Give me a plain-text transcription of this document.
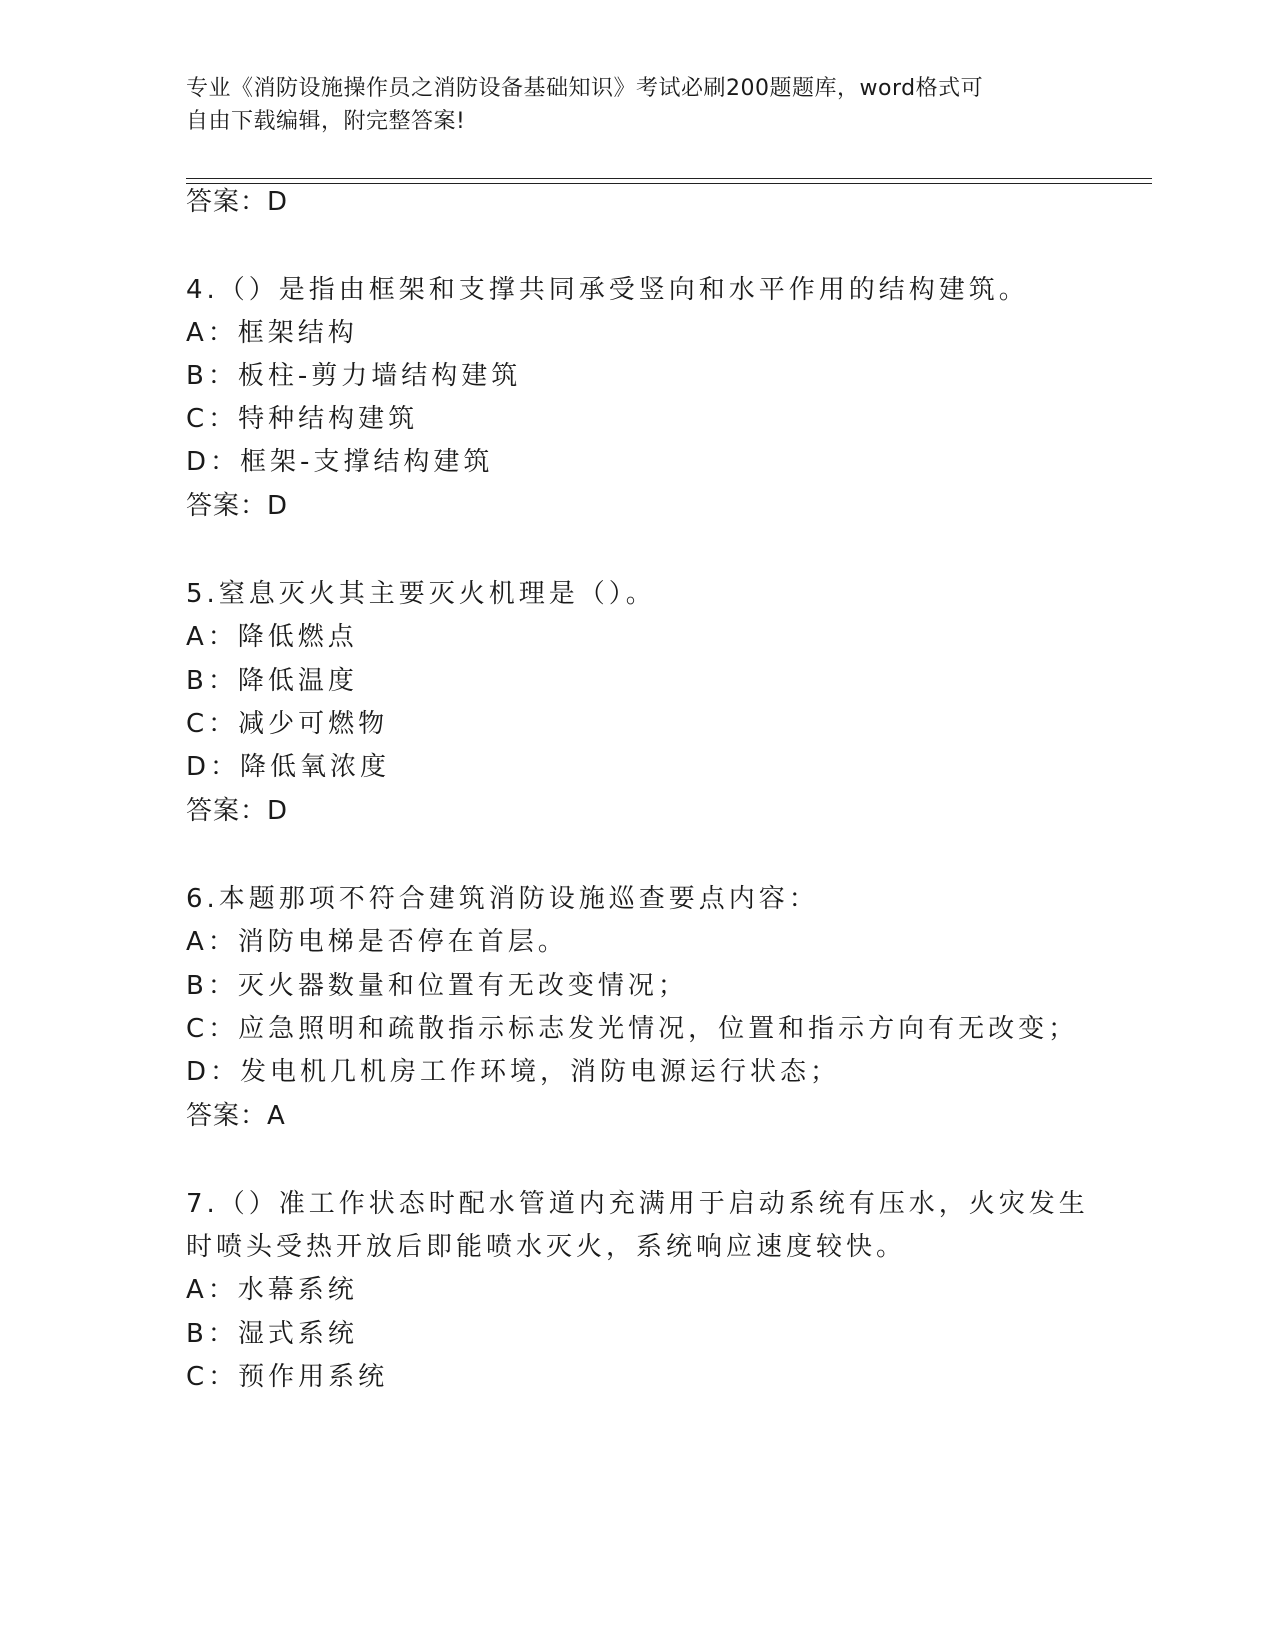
专业《消防设施操作员之消防设备基础知识》考试必刷200题题库，word格式可
自由下载编辑，附完整答案!
答案：D
4.（）是指由框架和支撑共同承受竖向和水平作用的结构建筑。
A：框架结构
B：板柱-剪力墙结构建筑
C：特种结构建筑
D：框架-支撑结构建筑
答案：D
5.窒息灭火其主要灭火机理是（）。
A：降低燃点
B：降低温度
C：减少可燃物
D：降低氧浓度
答案：D
6.本题那项不符合建筑消防设施巡查要点内容：
A：消防电梯是否停在首层。
B：灭火器数量和位置有无改变情况；
C：应急照明和疏散指示标志发光情况，位置和指示方向有无改变；
D：发电机几机房工作环境，消防电源运行状态；
答案：A
7.（）准工作状态时配水管道内充满用于启动系统有压水，火灾发生
时喷头受热开放后即能喷水灭火，系统响应速度较快。
A：水幕系统
B：湿式系统
C：预作用系统
